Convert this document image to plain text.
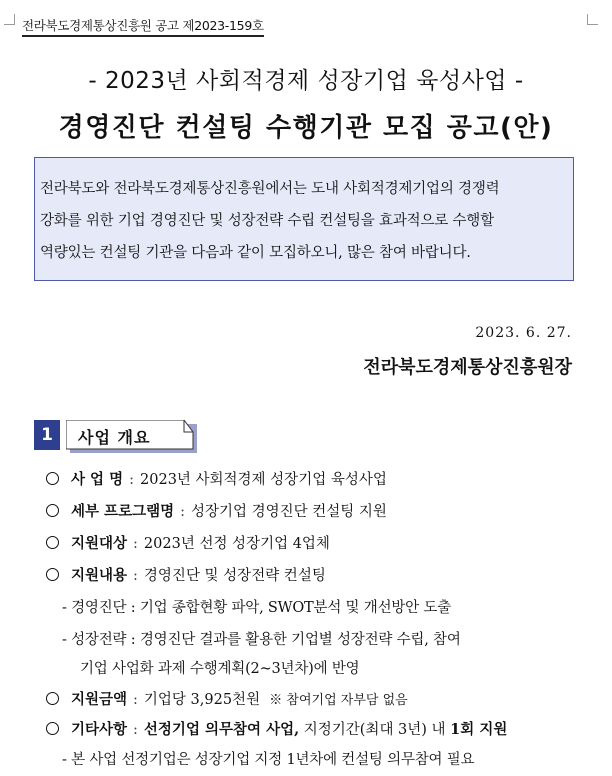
전라북도경제통상진흥원 공고 제2023-159호
- 2023년 사회적경제 성장기업 육성사업 -
경영진단 컨설팅 수행기관 모집 공고(안)
전라북도와 전라북도경제통상진흥원에서는 도내 사회적경제기업의 경쟁력
강화를 위한 기업 경영진단 및 성장전략 수립 컨설팅을 효과적으로 수행할
역량있는 컨설팅 기관을 다음과 같이 모집하오니, 많은 참여 바랍니다.
2023. 6. 27.
전라북도경제통상진흥원장
1	사업 개요
사 업 명 : 2023년 사회적경제 성장기업 육성사업
세부 프로그램명 : 성장기업 경영진단 컨설팅 지원
지원대상 : 2023년 선정 성장기업 4업체
지원내용 : 경영진단 및 성장전략 컨설팅
- 경영진단 : 기업 종합현황 파악, SWOT분석 및 개선방안 도출
- 성장전략 : 경영진단 결과를 활용한 기업별 성장전략 수립, 참여
기업 사업화 과제 수행계획(2~3년차)에 반영
지원금액 : 기업당 3,925천원 ※ 참여기업 자부담 없음
기타사항 : 선정기업 의무참여 사업, 지정기간(최대 3년) 내 1회 지원
- 본 사업 선정기업은 성장기업 지정 1년차에 컨설팅 의무참여 필요
